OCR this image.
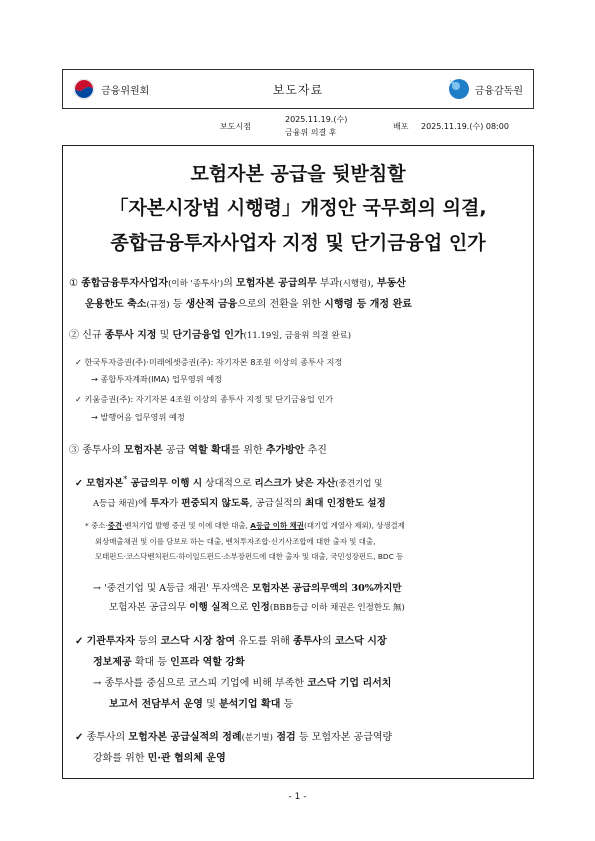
금융위원회	보도자료	금융감독원
보도시점
2025.11.19.(수)
금융위 의결 후
배포 2025.11.19.(수) 08:00
모험자본 공급을 뒷받침할
「자본시장법 시행령」개정안 국무회의 의결,
종합금융투자사업자 지정 및 단기금융업 인가
① 종합금융투자사업자(이하 '종투사')의 모험자본 공급의무 부과(시행령), 부동산
운용한도 축소(규정) 등 생산적 금융으로의 전환을 위한 시행령 등 개정 완료
② 신규 종투사 지정 및 단기금융업 인가(11.19일, 금융위 의결 완료)
✓ 한국투자증권(주)·미래에셋증권(주): 자기자본 8조원 이상의 종투사 지정
→ 종합투자계좌(IMA) 업무영위 예정
✓ 키움증권(주): 자기자본 4조원 이상의 종투사 지정 및 단기금융업 인가
→ 발행어음 업무영위 예정
③ 종투사의 모험자본 공급 역할 확대를 위한 추가방안 추진
✓ 모험자본* 공급의무 이행 시 상대적으로 리스크가 낮은 자산(중견기업 및
A등급 채권)에 투자가 편중되지 않도록, 공급실적의 최대 인정한도 설정
* 중소·중견·벤처기업 발행 증권 및 이에 대한 대출, A등급 이하 채권(대기업 계열사 제외), 상생결제
외상매출채권 및 이를 담보로 하는 대출, 벤처투자조합·신기사조합에 대한 출자 및 대출,
모태펀드·코스닥벤처펀드·하이일드펀드·소부장펀드에 대한 출자 및 대출, 국민성장펀드, BDC 등
→ '중견기업 및 A등급 채권' 투자액은 모험자본 공급의무액의 30%까지만
모험자본 공급의무 이행 실적으로 인정(BBB등급 이하 채권은 인정한도 無)
✓ 기관투자자 등의 코스닥 시장 참여 유도를 위해 종투사의 코스닥 시장
정보제공 확대 등 인프라 역할 강화
→ 종투사를 중심으로 코스피 기업에 비해 부족한 코스닥 기업 리서치
보고서 전담부서 운영 및 분석기업 확대 등
✓ 종투사의 모험자본 공급실적의 정례(분기별) 점검 등 모험자본 공급역량
강화를 위한 민·관 협의체 운영
- 1 -
